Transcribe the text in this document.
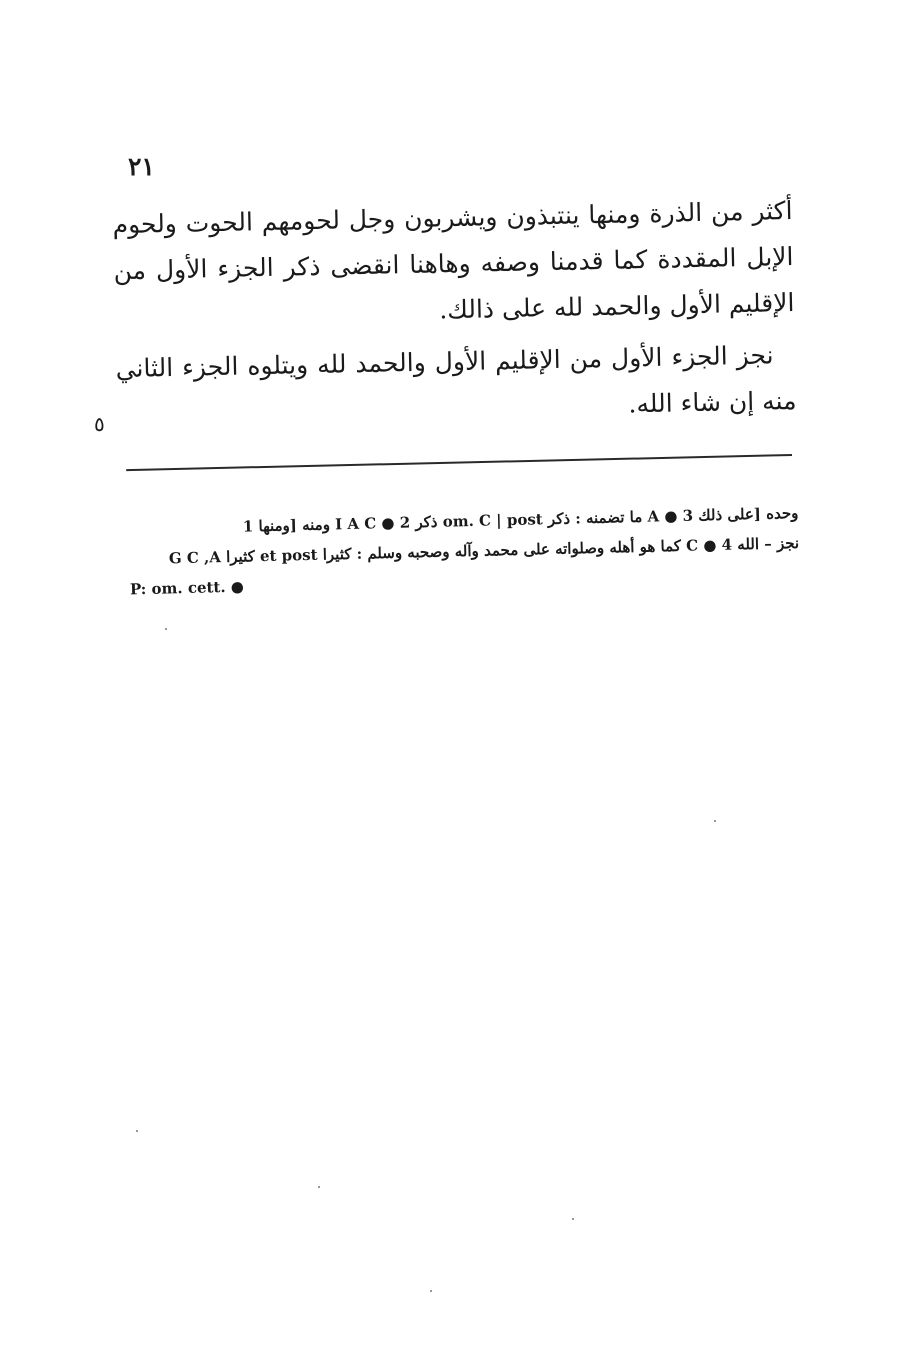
٢١

أكثر من الذرة ومنها ينتبذون ويشربون وجل لحومهم الحوت ولحوم الإبل المقددة كما قدمنا وصفه وهاهنا انقضى ذكر الجزء الأول من الإقليم الأول والحمد لله على ذالك.

نجز الجزء الأول من الإقليم الأول والحمد لله ويتلوه الجزء الثاني منه إن شاء الله.

٥
وحده [على ذلك 3 ● A ما تضمنه : ذكر om. C | post ذكر 2 ● I A C ومنه [ومنها 1
نجز – الله 4 ● C كما هو أهله وصلواته على محمد وآله وصحبه وسلم : كثيرا et post كثيرا G C ,A
P: om. cett. ●
